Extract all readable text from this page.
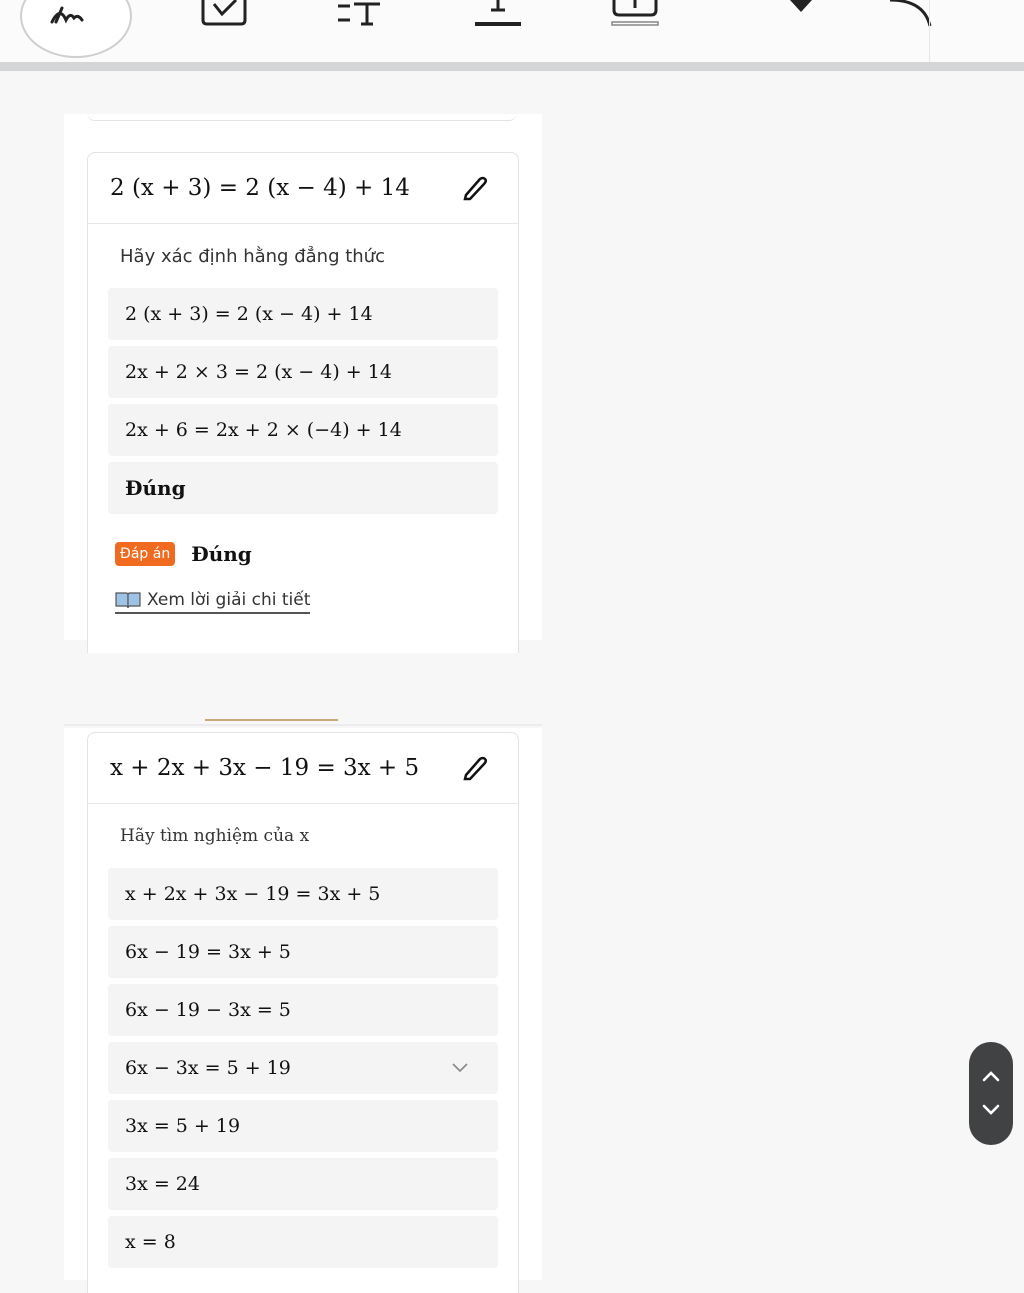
2 (x + 3) = 2 (x − 4) + 14
Hãy xác định hằng đẳng thức
2 (x + 3) = 2 (x − 4) + 14
2x + 2 × 3 = 2 (x − 4) + 14
2x + 6 = 2x + 2 × (−4) + 14
Đúng
Đáp án Đúng
Xem lời giải chi tiết
x + 2x + 3x − 19 = 3x + 5
Hãy tìm nghiệm của x
x + 2x + 3x − 19 = 3x + 5
6x − 19 = 3x + 5
6x − 19 − 3x = 5
6x − 3x = 5 + 19
3x = 5 + 19
3x = 24
x = 8
